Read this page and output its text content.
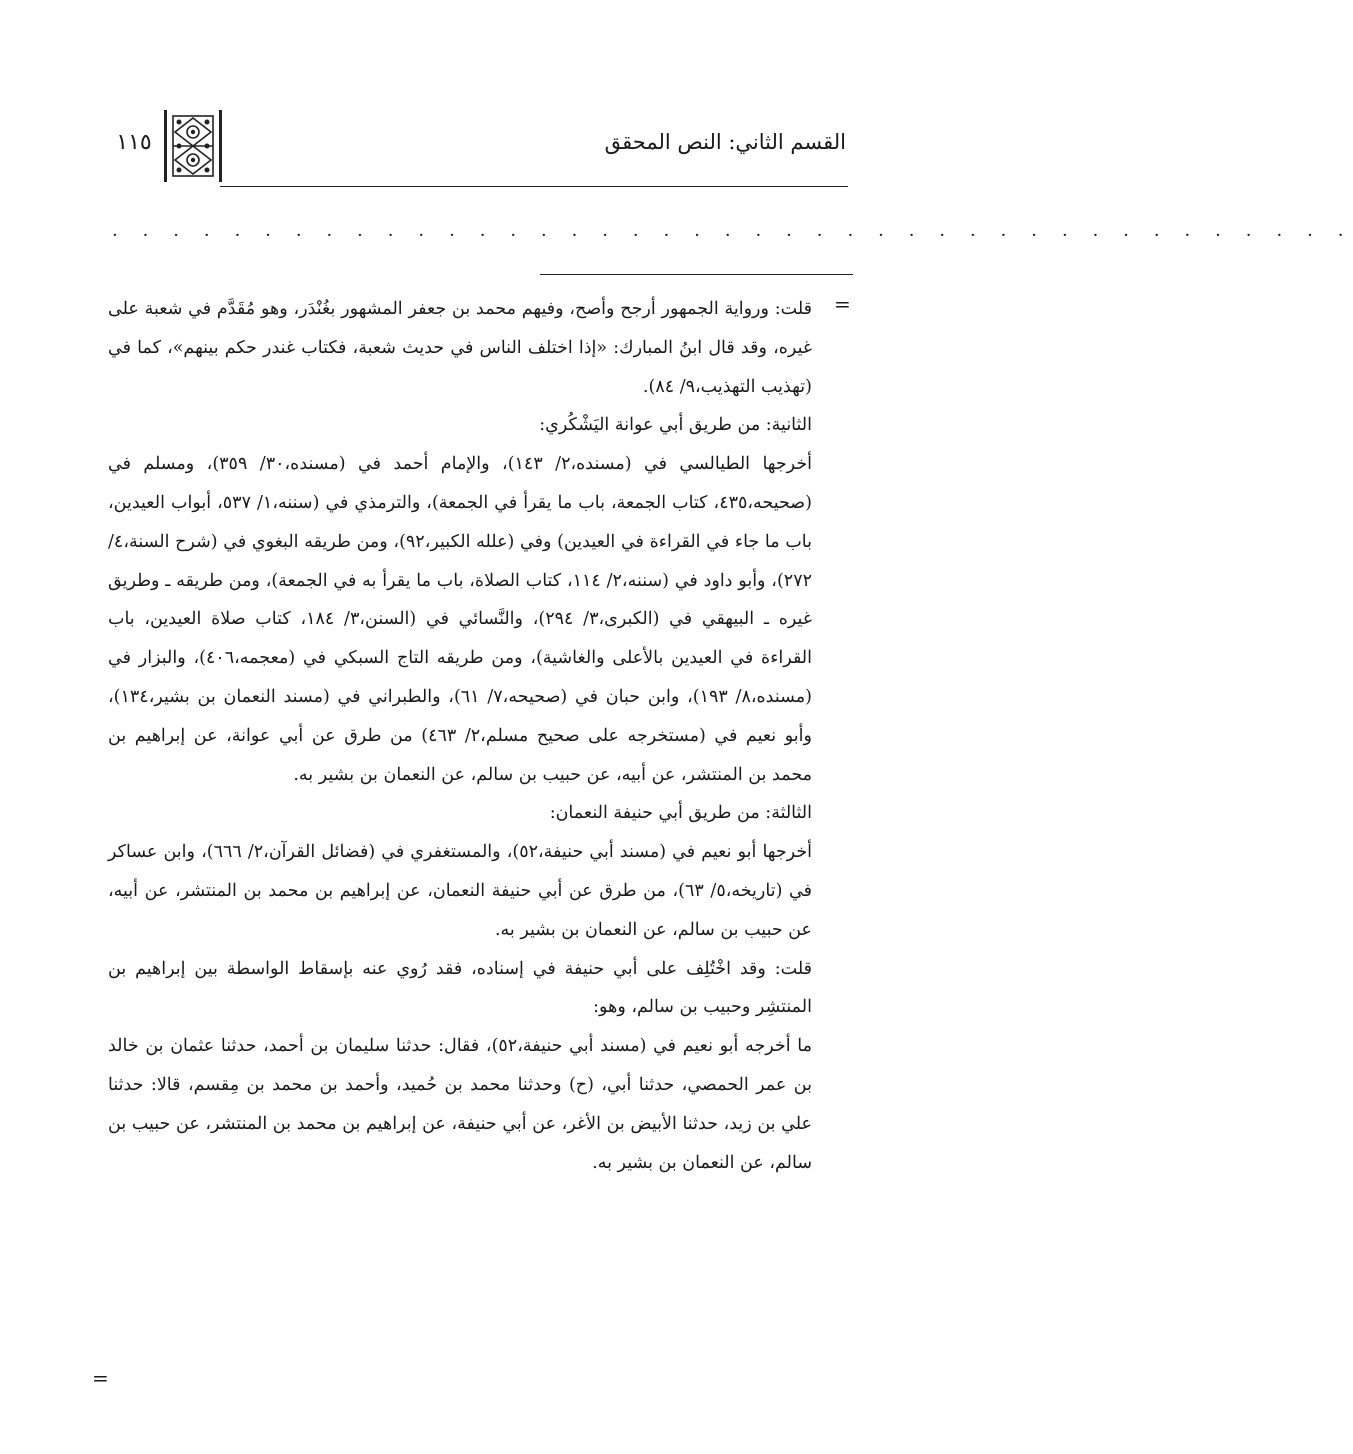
القسم الثاني: النص المحقق
١١٥
· · · · · · · · · · · · · · · · · · · · · · · · · · · · · · · · · · · · · · · · ·
=

قلت: ورواية الجمهور أرجح وأصح، وفيهم محمد بن جعفر المشهور بغُنْدَر، وهو مُقَدَّم في شعبة على غيره، وقد قال ابنُ المبارك: «إذا اختلف الناس في حديث شعبة، فكتاب غندر حكم بينهم»، كما في (تهذيب التهذيب،٩/ ٨٤).

الثانية: من طريق أبي عوانة اليَشْكُري:

أخرجها الطيالسي في (مسنده،٢/ ١٤٣)، والإمام أحمد في (مسنده،٣٠/ ٣٥٩)، ومسلم في (صحيحه،٤٣٥، كتاب الجمعة، باب ما يقرأ في الجمعة)، والترمذي في (سننه،١/ ٥٣٧، أبواب العيدين، باب ما جاء في القراءة في العيدين) وفي (علله الكبير،٩٢)، ومن طريقه البغوي في (شرح السنة،٤/ ٢٧٢)، وأبو داود في (سننه،٢/ ١١٤، كتاب الصلاة، باب ما يقرأ به في الجمعة)، ومن طريقه ـ وطريق غيره ـ البيهقي في (الكبرى،٣/ ٢٩٤)، والنَّسائي في (السنن،٣/ ١٨٤، كتاب صلاة العيدين، باب القراءة في العيدين بالأعلى والغاشية)، ومن طريقه التاج السبكي في (معجمه،٤٠٦)، والبزار في (مسنده،٨/ ١٩٣)، وابن حبان في (صحيحه،٧/ ٦١)، والطبراني في (مسند النعمان بن بشير،١٣٤)، وأبو نعيم في (مستخرجه على صحيح مسلم،٢/ ٤٦٣) من طرق عن أبي عوانة، عن إبراهيم بن محمد بن المنتشر، عن أبيه، عن حبيب بن سالم، عن النعمان بن بشير به.

الثالثة: من طريق أبي حنيفة النعمان:

أخرجها أبو نعيم في (مسند أبي حنيفة،٥٢)، والمستغفري في (فضائل القرآن،٢/ ٦٦٦)، وابن عساكر في (تاريخه،٥/ ٦٣)، من طرق عن أبي حنيفة النعمان، عن إبراهيم بن محمد بن المنتشر، عن أبيه، عن حبيب بن سالم، عن النعمان بن بشير به.

قلت: وقد اخْتُلِف على أبي حنيفة في إسناده، فقد رُوي عنه بإسقاط الواسطة بين إبراهيم بن المنتشِر وحبيب بن سالم، وهو:

ما أخرجه أبو نعيم في (مسند أبي حنيفة،٥٢)، فقال: حدثنا سليمان بن أحمد، حدثنا عثمان بن خالد بن عمر الحمصي، حدثنا أبي، (ح) وحدثنا محمد بن حُميد، وأحمد بن محمد بن مِقسم، قالا: حدثنا علي بن زيد، حدثنا الأبيض بن الأغر، عن أبي حنيفة، عن إبراهيم بن محمد بن المنتشر، عن حبيب بن سالم، عن النعمان بن بشير به.

=
